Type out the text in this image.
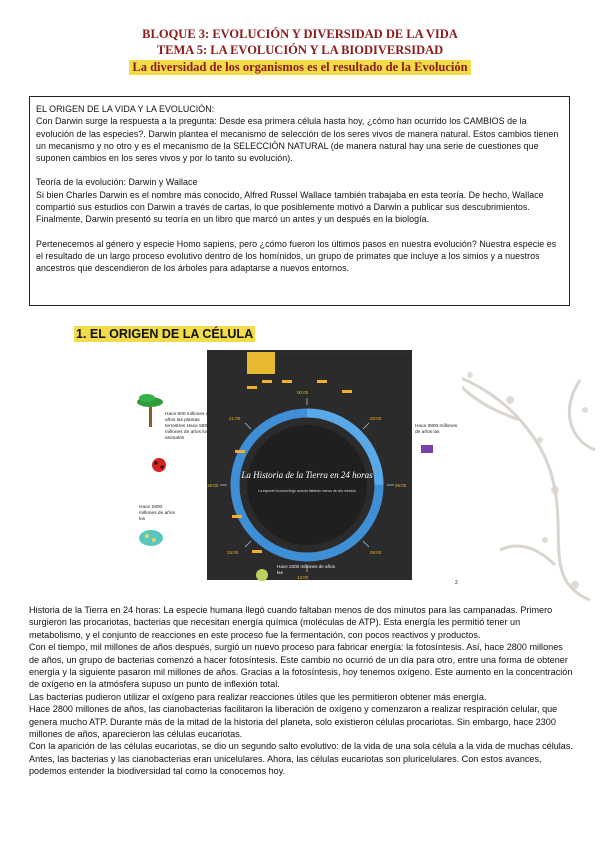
BLOQUE 3: EVOLUCIÓN Y DIVERSIDAD DE LA VIDA
TEMA 5: LA EVOLUCIÓN Y LA BIODIVERSIDAD
La diversidad de los organismos es el resultado de la Evolución

EL ORIGEN DE LA VIDA Y LA EVOLUCIÓN:

Con Darwin surge la respuesta a la pregunta: Desde esa primera célula hasta hoy, ¿cómo han ocurrido los CAMBIOS de la evolución de las especies?. Darwin plantea el mecanismo de selección de los seres vivos de manera natural. Estos cambios tienen un mecanismo y no otro y es el mecanismo de la SELECCIÓN NATURAL (de manera natural hay una serie de cuestiones que suponen cambios en los seres vivos y por lo tanto su evolución).

Teoría de la evolución: Darwin y Wallace

Si bien Charles Darwin es el nombre más conocido, Alfred Russel Wallace también trabajaba en esta teoría. De hecho, Wallace compartió sus estudios con Darwin a través de cartas, lo que posiblemente motivó a Darwin a publicar sus descubrimientos. Finalmente, Darwin presentó su teoría en un libro que marcó un antes y un después en la biología.

Pertenecemos al género y especie Homo sapiens, pero ¿cómo fueron los últimos pasos en nuestra evolución? Nuestra especie es el resultado de un largo proceso evolutivo dentro de los homínidos, un grupo de primates que incluye a los simios y a nuestros ancestros que descendieron de los árboles para adaptarse a nuevos entornos.

1. EL ORIGEN DE LA CÉLULA
H. sapiens moderno solo lleva 80 minutos que existe.
00:00
03:00
06:00
09:00
12:00
15:00
18:00
21:00
La Historia de la Tierra en 24 horas
La especie humana llegó cuando faltaban menos de dos minutos
Hace 500 millones de años las plantas terrestres Hace 580 millones de años los animales
Hace 2800 millones de años los
Hace 3800 millones de años las
Hace 2300 millones de años las
2

Historia de la Tierra en 24 horas: La especie humana llegó cuando faltaban menos de dos minutos para las campanadas. Primero surgieron las procariotas, bacterias que necesitan energía química (moléculas de ATP). Esta energía les permitió tener un metabolismo, y el conjunto de reacciones en este proceso fue la fermentación, con pocos reactivos y productos.

Con el tiempo, mil millones de años después, surgió un nuevo proceso para fabricar energía: la fotosíntesis. Así, hace 2800 millones de años, un grupo de bacterias comenzó a hacer fotosíntesis. Este cambio no ocurrió de un día para otro, entre una forma de obtener energía y la siguiente pasaron mil millones de años. Gracias a la fotosíntesis, hoy tenemos oxígeno. Este aumento en la concentración de oxígeno en la atmósfera supuso un punto de inflexión total.

Las bacterias pudieron utilizar el oxígeno para realizar reacciones útiles que les permitieron obtener más energía.

Hace 2800 millones de años, las cianobacterias facilitaron la liberación de oxígeno y comenzaron a realizar respiración celular, que genera mucho ATP. Durante más de la mitad de la historia del planeta, solo existieron células procariotas. Sin embargo, hace 2300 millones de años, aparecieron las células eucariotas.

Con la aparición de las células eucariotas, se dio un segundo salto evolutivo: de la vida de una sola célula a la vida de muchas células. Antes, las bacterias y las cianobacterias eran unicelulares. Ahora, las células eucariotas son pluricelulares. Con estos avances, podemos entender la biodiversidad tal como la conocemos hoy.
